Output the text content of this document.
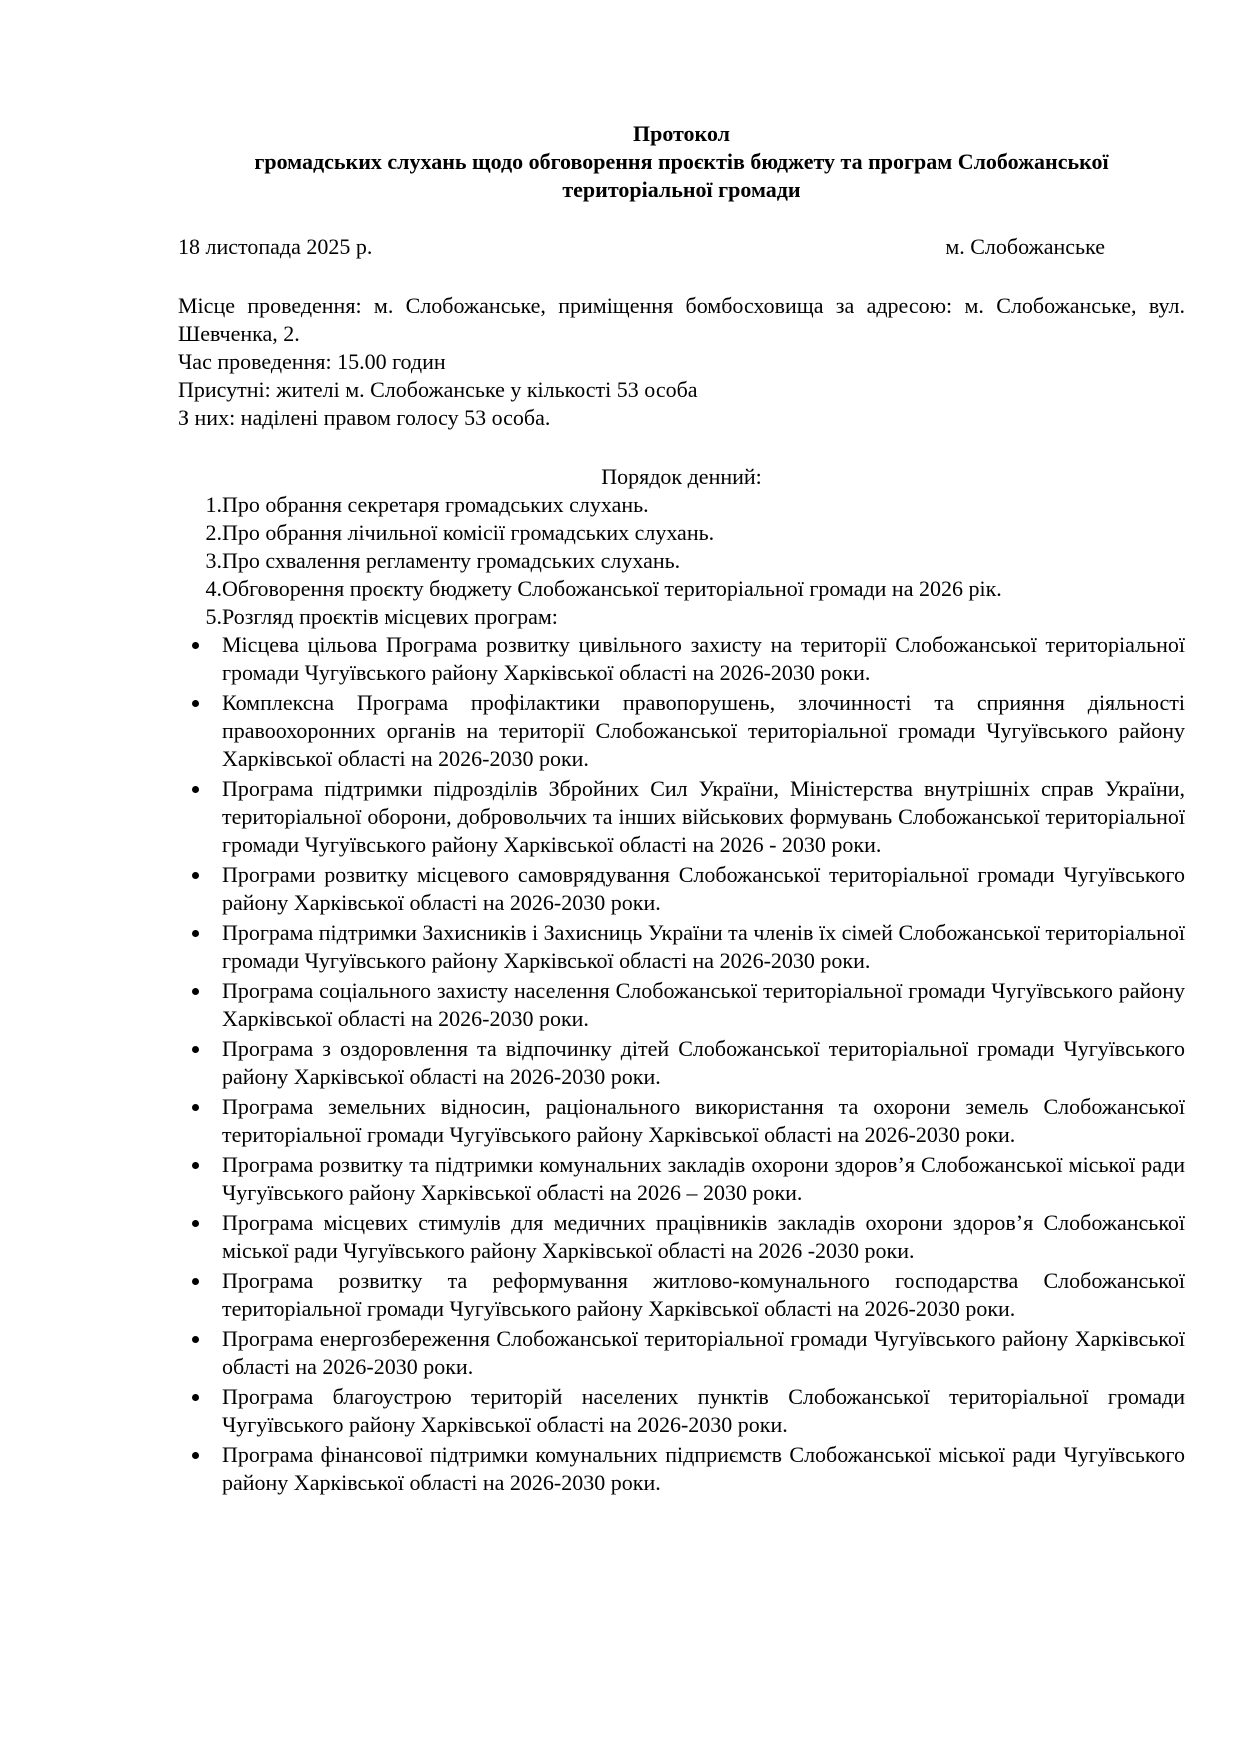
Протокол

громадських слухань щодо обговорення проєктів бюджету та програм Слобожанської

територіальної громади

18 листопада 2025 р.	м. Слобожанське

Місце проведення: м. Слобожанське, приміщення бомбосховища за адресою: м. Слобожанське, вул. Шевченка, 2.

Час проведення: 15.00 годин

Присутні: жителі м. Слобожанське у кількості 53 особа

З них: наділені правом голосу 53 особа.

Порядок денний:

1. Про обрання секретаря громадських слухань.
2. Про обрання лічильної комісії громадських слухань.
3. Про схвалення регламенту громадських слухань.
4. Обговорення проєкту бюджету Слобожанської територіальної громади на 2026 рік.
5. Розгляд проєктів місцевих програм:
Місцева цільова Програма розвитку цивільного захисту на території Слобожанської територіальної громади Чугуївського району Харківської області на 2026-2030 роки.
Комплексна Програма профілактики правопорушень, злочинності та сприяння діяльності правоохоронних органів на території Слобожанської територіальної громади Чугуївського району Харківської області на 2026-2030 роки.
Програма підтримки підрозділів Збройних Сил України, Міністерства внутрішніх справ України, територіальної оборони, добровольчих та інших військових формувань Слобожанської територіальної громади Чугуївського району Харківської області на 2026 - 2030 роки.
Програми розвитку місцевого самоврядування Слобожанської територіальної громади Чугуївського району Харківської області на 2026-2030 роки.
Програма підтримки Захисників і Захисниць України та членів їх сімей Слобожанської територіальної громади Чугуївського району Харківської області на 2026-2030 роки.
Програма соціального захисту населення Слобожанської територіальної громади Чугуївського району Харківської області на 2026-2030 роки.
Програма з оздоровлення та відпочинку дітей Слобожанської територіальної громади Чугуївського району Харківської області на 2026-2030 роки.
Програма земельних відносин, раціонального використання та охорони земель Слобожанської територіальної громади Чугуївського району Харківської області на 2026-2030 роки.
Програма розвитку та підтримки комунальних закладів охорони здоров’я Слобожанської міської ради Чугуївського району Харківської області на 2026 – 2030 роки.
Програма місцевих стимулів для медичних працівників закладів охорони здоров’я Слобожанської міської ради Чугуївського району Харківської області на 2026 -2030 роки.
Програма розвитку та реформування житлово-комунального господарства Слобожанської територіальної громади Чугуївського району Харківської області на 2026-2030 роки.
Програма енергозбереження Слобожанської територіальної громади Чугуївського району Харківської області на 2026-2030 роки.
Програма благоустрою територій населених пунктів Слобожанської територіальної громади Чугуївського району Харківської області на 2026-2030 роки.
Програма фінансової підтримки комунальних підприємств Слобожанської міської ради Чугуївського району Харківської області на 2026-2030 роки.
